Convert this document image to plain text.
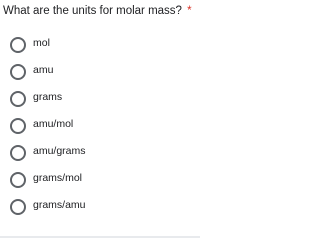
What are the units for molar mass? *
mol
amu
grams
amu/mol
amu/grams
grams/mol
grams/amu
